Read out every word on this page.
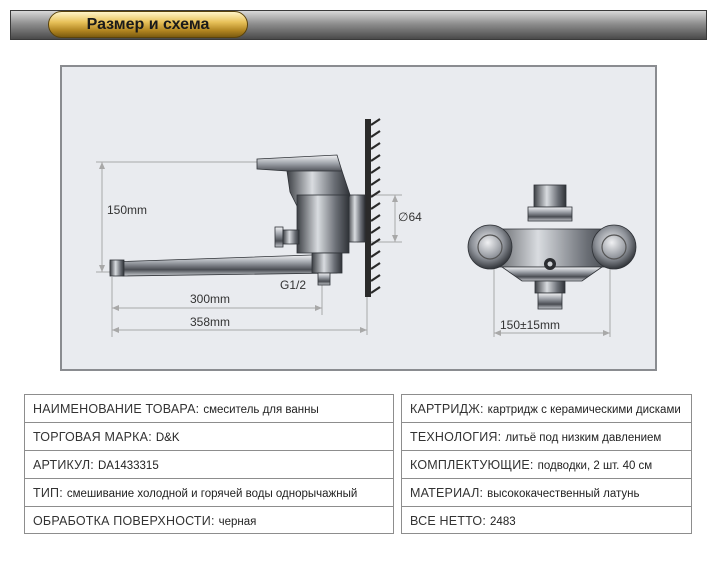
Размер и схема
150mm
300mm
358mm
∅64
G1/2
150±15mm
НАИМЕНОВАНИЕ ТОВАРА: смеситель для ванны
ТОРГОВАЯ МАРКА: D&K
АРТИКУЛ: DA1433315
ТИП: смешивание холодной и горячей воды однорычажный
ОБРАБОТКА ПОВЕРХНОСТИ: черная
КАРТРИДЖ: картридж с керамическими дисками
ТЕХНОЛОГИЯ: литьё под низким давлением
КОМПЛЕКТУЮЩИЕ: подводки, 2 шт. 40 см
МАТЕРИАЛ: высококачественный латунь
ВСЕ НЕТТО: 2483
